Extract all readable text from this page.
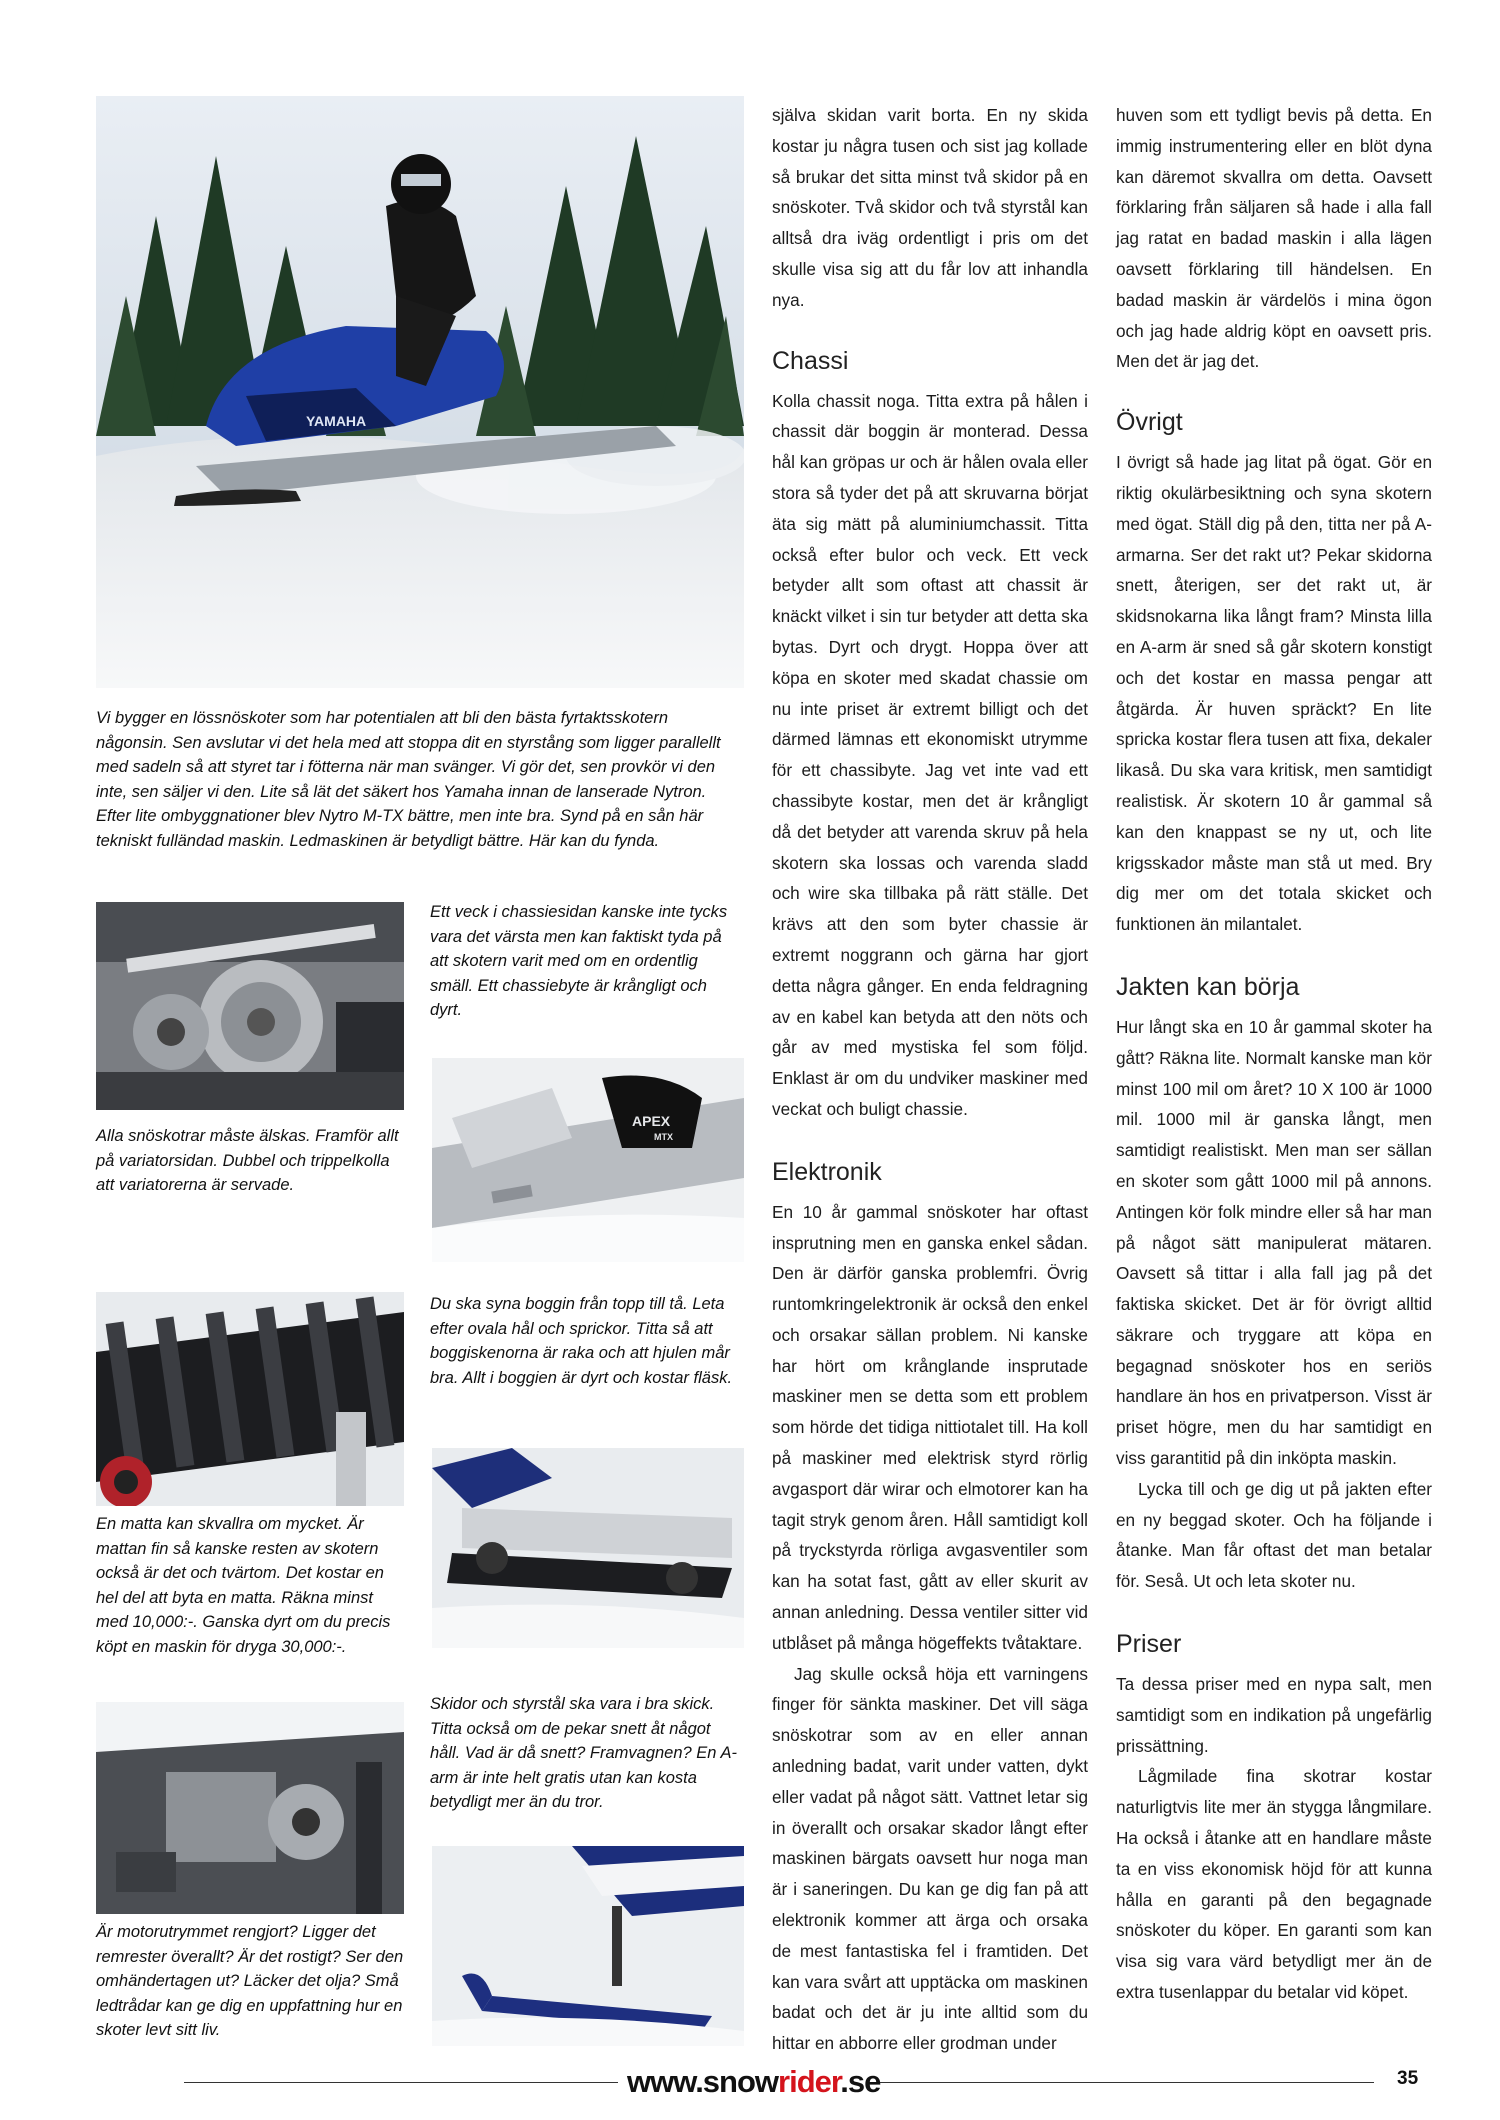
YAMAHA
Vi bygger en lössnöskoter som har potentialen att bli den bästa fyrtaktsskotern någonsin. Sen avslutar vi det hela med att stoppa dit en styrstång som ligger parallellt med sadeln så att styret tar i fötterna när man svänger. Vi gör det, sen provkör vi den inte, sen säljer vi den. Lite så lät det säkert hos Yamaha innan de lanserade Nytron. Efter lite ombyggnationer blev Nytro M-TX bättre, men inte bra. Synd på en sån här tekniskt fulländad maskin. Ledmaskinen är betydligt bättre. Här kan du fynda.
Alla snöskotrar måste älskas. Framför allt på variatorsidan. Dubbel och trippelkolla att variatorerna är servade.
En matta kan skvallra om mycket. Är mattan fin så kanske resten av skotern också är det och tvärtom. Det kostar en hel del att byta en matta. Räkna minst med 10,000:-. Ganska dyrt om du precis köpt en maskin för dryga 30,000:-.
Är motorutrymmet rengjort? Ligger det remrester överallt? Är det rostigt? Ser den omhändertagen ut? Läcker det olja? Små ledtrådar kan ge dig en uppfattning hur en skoter levt sitt liv.
Ett veck i chassiesidan kanske inte tycks vara det värsta men kan faktiskt tyda på att skotern varit med om en ordentlig smäll. Ett chassiebyte är krångligt och dyrt.
APEX
MTX
Du ska syna boggin från topp till tå. Leta efter ovala hål och sprickor. Titta så att boggiskenorna är raka och att hjulen mår bra. Allt i boggien är dyrt och kostar fläsk.
Skidor och styrstål ska vara i bra skick. Titta också om de pekar snett åt något håll. Vad är då snett? Framvagnen? En A-arm är inte helt gratis utan kan kosta betydligt mer än du tror.

själva skidan varit borta. En ny skida kostar ju några tusen och sist jag kollade så brukar det sitta minst två skidor på en snöskoter. Två skidor och två styrstål kan alltså dra iväg ordentligt i pris om det skulle visa sig att du får lov att inhandla nya.

Chassi

Kolla chassit noga. Titta extra på hålen i chassit där boggin är monterad. Dessa hål kan gröpas ur och är hålen ovala eller stora så tyder det på att skruvarna börjat äta sig mätt på aluminiumchassit. Titta också efter bulor och veck. Ett veck betyder allt som oftast att chassit är knäckt vilket i sin tur betyder att detta ska bytas. Dyrt och drygt. Hoppa över att köpa en skoter med skadat chassie om nu inte priset är extremt billigt och det därmed lämnas ett ekonomiskt utrymme för ett chassibyte. Jag vet inte vad ett chassibyte kostar, men det är krångligt då det betyder att varenda skruv på hela skotern ska lossas och varenda sladd och wire ska tillbaka på rätt ställe. Det krävs att den som byter chassie är extremt noggrann och gärna har gjort detta några gånger. En enda feldragning av en kabel kan betyda att den nöts och går av med mystiska fel som följd. Enklast är om du undviker maskiner med veckat och buligt chassie.

Elektronik

En 10 år gammal snöskoter har oftast insprutning men en ganska enkel sådan. Den är därför ganska problemfri. Övrig runtomkringelektronik är också den enkel och orsakar sällan problem. Ni kanske har hört om krånglande insprutade maskiner men se detta som ett problem som hörde det tidiga nittiotalet till. Ha koll på maskiner med elektrisk styrd rörlig avgasport där wirar och elmotorer kan ha tagit stryk genom åren. Håll samtidigt koll på tryckstyrda rörliga avgasventiler som kan ha sotat fast, gått av eller skurit av annan anledning. Dessa ventiler sitter vid utblåset på många högeffekts tvåtaktare.

Jag skulle också höja ett varningens finger för sänkta maskiner. Det vill säga snöskotrar som av en eller annan anledning badat, varit under vatten, dykt eller vadat på något sätt. Vattnet letar sig in överallt och orsakar skador långt efter maskinen bärgats oavsett hur noga man är i saneringen. Du kan ge dig fan på att elektronik kommer att ärga och orsaka de mest fantastiska fel i framtiden. Det kan vara svårt att upptäcka om maskinen badat och det är ju inte alltid som du hittar en abborre eller grodman under

huven som ett tydligt bevis på detta. En immig instrumentering eller en blöt dyna kan däremot skvallra om detta. Oavsett förklaring från säljaren så hade i alla fall jag ratat en badad maskin i alla lägen oavsett förklaring till händelsen. En badad maskin är värdelös i mina ögon och jag hade aldrig köpt en oavsett pris. Men det är jag det.

Övrigt

I övrigt så hade jag litat på ögat. Gör en riktig okulärbesiktning och syna skotern med ögat. Ställ dig på den, titta ner på A-armarna. Ser det rakt ut? Pekar skidorna snett, återigen, ser det rakt ut, är skidsnokarna lika långt fram? Minsta lilla en A-arm är sned så går skotern konstigt och det kostar en massa pengar att åtgärda. Är huven spräckt? En lite spricka kostar flera tusen att fixa, dekaler likaså. Du ska vara kritisk, men samtidigt realistisk. Är skotern 10 år gammal så kan den knappast se ny ut, och lite krigsskador måste man stå ut med. Bry dig mer om det totala skicket och funktionen än milantalet.

Jakten kan börja

Hur långt ska en 10 år gammal skoter ha gått? Räkna lite. Normalt kanske man kör minst 100 mil om året? 10 X 100 är 1000 mil. 1000 mil är ganska långt, men samtidigt realistiskt. Men man ser sällan en skoter som gått 1000 mil på annons. Antingen kör folk mindre eller så har man på något sätt manipulerat mätaren. Oavsett så tittar i alla fall jag på det faktiska skicket. Det är för övrigt alltid säkrare och tryggare att köpa en begagnad snöskoter hos en seriös handlare än hos en privatperson. Visst är priset högre, men du har samtidigt en viss garantitid på din inköpta maskin.

Lycka till och ge dig ut på jakten efter en ny beggad skoter. Och ha följande i åtanke. Man får oftast det man betalar för. Seså. Ut och leta skoter nu.

Priser

Ta dessa priser med en nypa salt, men samtidigt som en indikation på ungefärlig prissättning.

Lågmilade fina skotrar kostar naturligtvis lite mer än stygga långmilare. Ha också i åtanke att en handlare måste ta en viss ekonomisk höjd för att kunna hålla en garanti på den begagnade snöskoter du köper. En garanti som kan visa sig vara värd betydligt mer än de extra tusenlappar du betalar vid köpet.

www.snowrider.se	35
